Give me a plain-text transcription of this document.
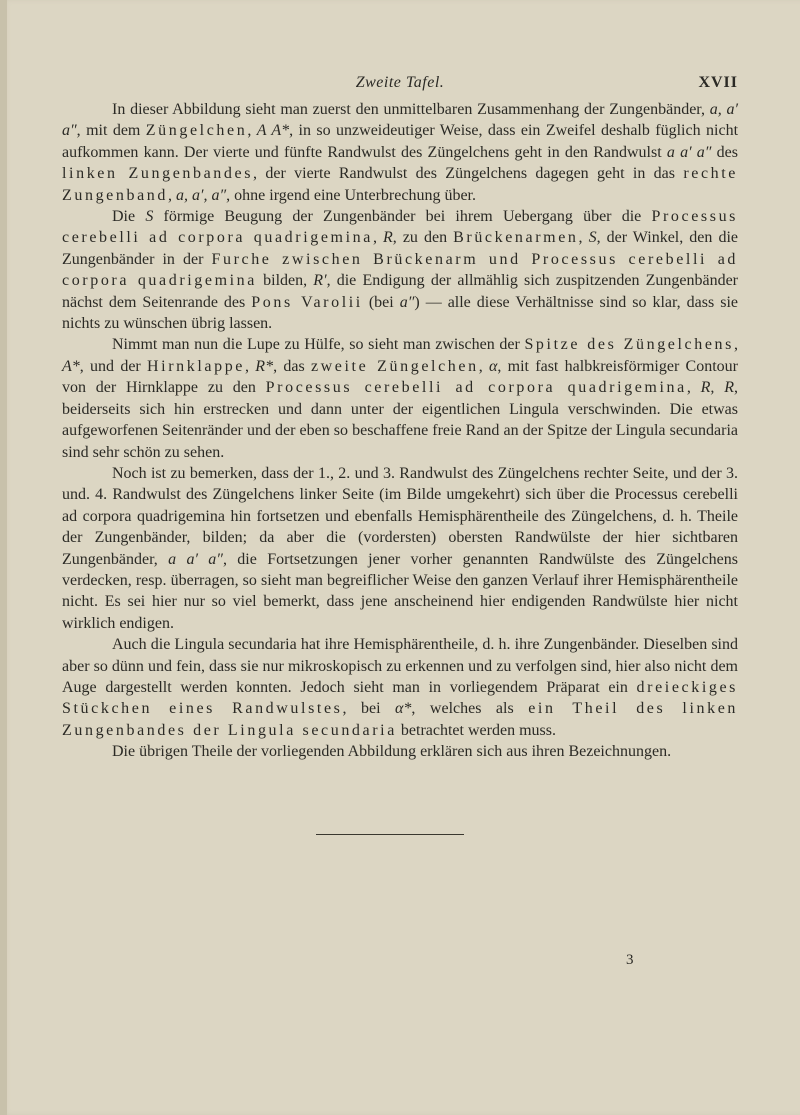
Zweite Tafel.	XVII

In dieser Abbildung sieht man zuerst den unmittelbaren Zusammenhang der Zungenbänder, a, a′ a″, mit dem Züngelchen, A A*, in so unzweideutiger Weise, dass ein Zweifel deshalb füglich nicht aufkommen kann. Der vierte und fünfte Randwulst des Züngelchens geht in den Randwulst a a′ a″ des linken Zungenbandes, der vierte Randwulst des Züngelchens dagegen geht in das rechte Zungenband, a, a′, a″, ohne irgend eine Unterbrechung über.

Die S förmige Beugung der Zungenbänder bei ihrem Uebergang über die Processus cerebelli ad corpora quadrigemina, R, zu den Brückenarmen, S, der Winkel, den die Zungenbänder in der Furche zwischen Brückenarm und Processus cerebelli ad corpora quadrigemina bilden, R′, die Endigung der allmählig sich zuspitzenden Zungenbänder nächst dem Seitenrande des Pons Varolii (bei a″) — alle diese Verhältnisse sind so klar, dass sie nichts zu wünschen übrig lassen.

Nimmt man nun die Lupe zu Hülfe, so sieht man zwischen der Spitze des Züngelchens, A*, und der Hirnklappe, R*, das zweite Züngelchen, α, mit fast halbkreisförmiger Contour von der Hirnklappe zu den Processus cerebelli ad corpora quadrigemina, R, R, beiderseits sich hin erstrecken und dann unter der eigentlichen Lingula verschwinden. Die etwas aufgeworfenen Seitenränder und der eben so beschaffene freie Rand an der Spitze der Lingula secundaria sind sehr schön zu sehen.

Noch ist zu bemerken, dass der 1., 2. und 3. Randwulst des Züngelchens rechter Seite, und der 3. und. 4. Randwulst des Züngelchens linker Seite (im Bilde umgekehrt) sich über die Processus cerebelli ad corpora quadrigemina hin fortsetzen und ebenfalls Hemisphärentheile des Züngelchens, d. h. Theile der Zungenbänder, bilden; da aber die (vordersten) obersten Randwülste der hier sichtbaren Zungenbänder, a a′ a″, die Fortsetzungen jener vorher genannten Randwülste des Züngelchens verdecken, resp. überragen, so sieht man begreiflicher Weise den ganzen Verlauf ihrer Hemisphärentheile nicht. Es sei hier nur so viel bemerkt, dass jene anscheinend hier endigenden Randwülste hier nicht wirklich endigen.

Auch die Lingula secundaria hat ihre Hemisphärentheile, d. h. ihre Zungenbänder. Dieselben sind aber so dünn und fein, dass sie nur mikroskopisch zu erkennen und zu verfolgen sind, hier also nicht dem Auge dargestellt werden konnten. Jedoch sieht man in vorliegendem Präparat ein dreieckiges Stückchen eines Randwulstes, bei α*, welches als ein Theil des linken Zungenbandes der Lingula secundaria betrachtet werden muss.

Die übrigen Theile der vorliegenden Abbildung erklären sich aus ihren Bezeichnungen.

3
